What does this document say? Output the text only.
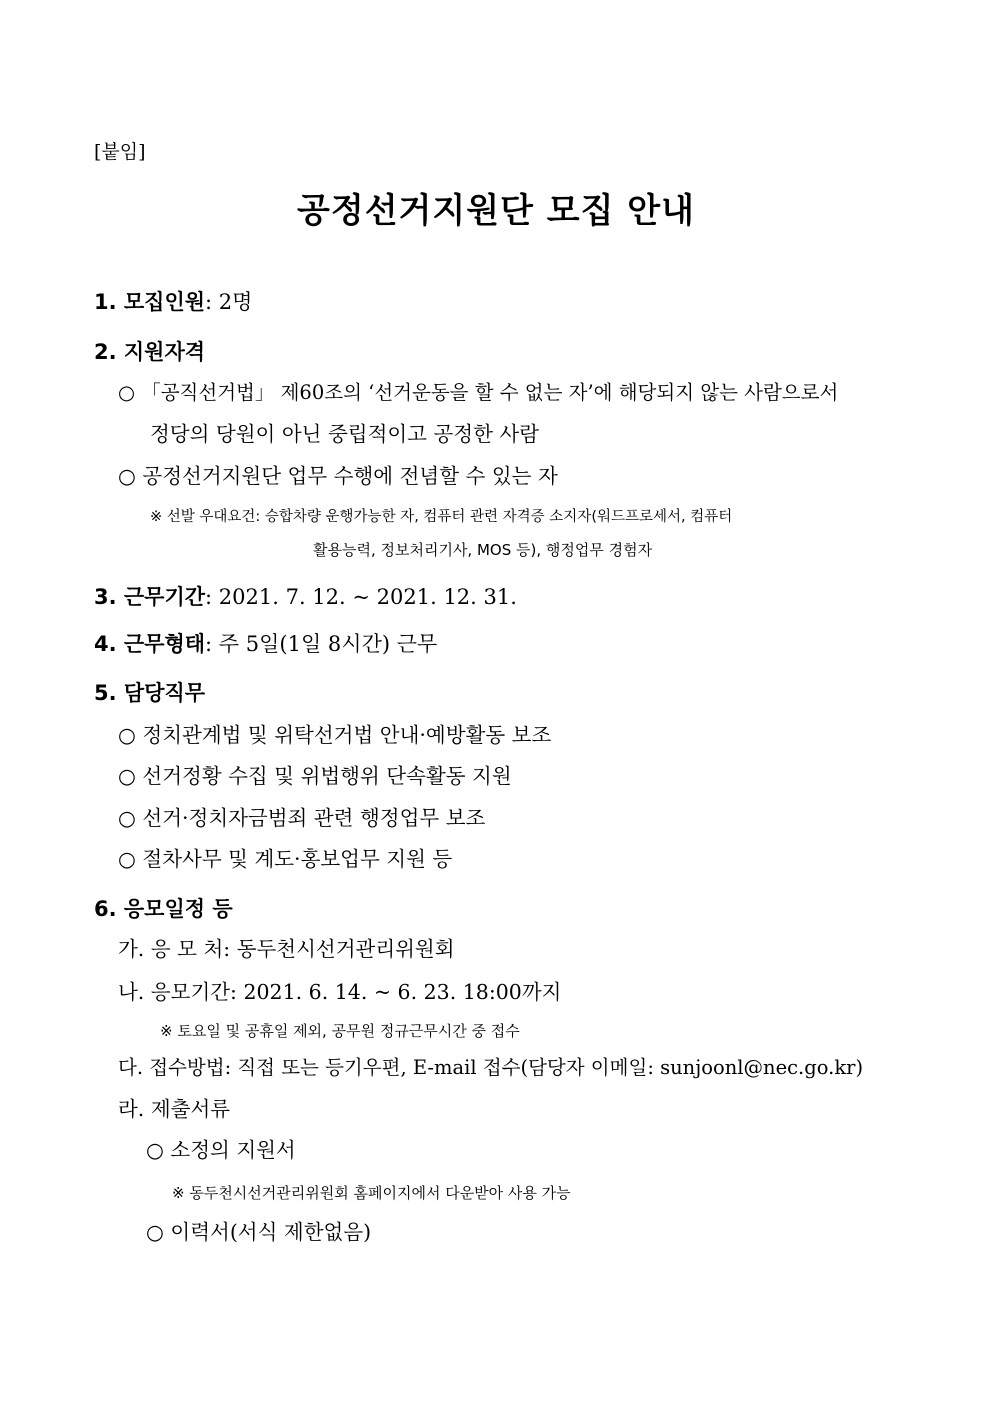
[붙임]
공정선거지원단 모집 안내
1. 모집인원: 2명
2. 지원자격
○ 「공직선거법」 제60조의 ‘선거운동을 할 수 없는 자’에 해당되지 않는 사람으로서
정당의 당원이 아닌 중립적이고 공정한 사람
○ 공정선거지원단 업무 수행에 전념할 수 있는 자
※ 선발 우대요건: 승합차량 운행가능한 자, 컴퓨터 관련 자격증 소지자(워드프로세서, 컴퓨터
활용능력, 정보처리기사, MOS 등), 행정업무 경험자
3. 근무기간: 2021. 7. 12. ~ 2021. 12. 31.
4. 근무형태: 주 5일(1일 8시간) 근무
5. 담당직무
○ 정치관계법 및 위탁선거법 안내·예방활동 보조
○ 선거정황 수집 및 위법행위 단속활동 지원
○ 선거·정치자금범죄 관련 행정업무 보조
○ 절차사무 및 계도·홍보업무 지원 등
6. 응모일정 등
가. 응 모 처: 동두천시선거관리위원회
나. 응모기간: 2021. 6. 14. ~ 6. 23. 18:00까지
※ 토요일 및 공휴일 제외, 공무원 정규근무시간 중 접수
다. 접수방법: 직접 또는 등기우편, E-mail 접수(담당자 이메일: sunjoonl@nec.go.kr)
라. 제출서류
○ 소정의 지원서
※ 동두천시선거관리위원회 홈페이지에서 다운받아 사용 가능
○ 이력서(서식 제한없음)
